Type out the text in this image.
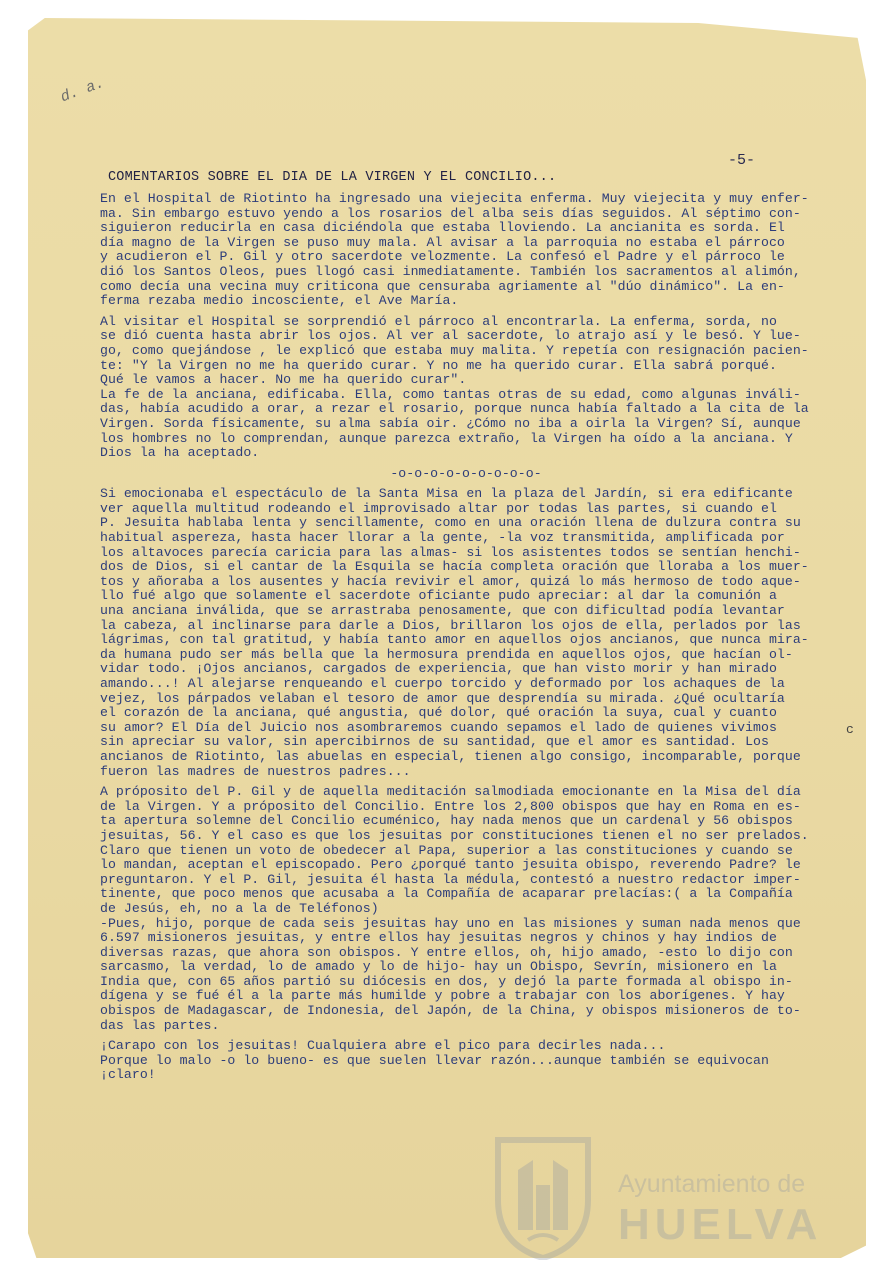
d. a.
-5-
COMENTARIOS SOBRE EL DIA DE LA VIRGEN Y EL CONCILIO...

En el Hospital de Riotinto ha ingresado una viejecita enferma. Muy viejecita y muy enfer-
ma. Sin embargo estuvo yendo a los rosarios del alba seis días seguidos. Al séptimo con-
siguieron reducirla en casa diciéndola que estaba lloviendo. La ancianita es sorda. El
día magno de la Virgen se puso muy mala. Al avisar a la parroquia no estaba el párroco
y acudieron el P. Gil y otro sacerdote velozmente. La confesó el Padre y el párroco le
dió los Santos Oleos, pues llogó casi inmediatamente. También los sacramentos al alimón,
como decía una vecina muy criticona que censuraba agriamente al "dúo dinámico". La en-
ferma rezaba medio incosciente, el Ave María.

Al visitar el Hospital se sorprendió el párroco al encontrarla. La enferma, sorda, no
se dió cuenta hasta abrir los ojos. Al ver al sacerdote, lo atrajo así y le besó. Y lue-
go, como quejándose , le explicó que estaba muy malita. Y repetía con resignación pacien-
te: "Y la Virgen no me ha querido curar. Y no me ha querido curar. Ella sabrá porqué.
Qué le vamos a hacer. No me ha querido curar".
La fe de la anciana, edificaba. Ella, como tantas otras de su edad, como algunas inváli-
das, había acudido a orar, a rezar el rosario, porque nunca había faltado a la cita de la
Virgen. Sorda físicamente, su alma sabía oir. ¿Cómo no iba a oirla la Virgen? Sí, aunque
los hombres no lo comprendan, aunque parezca extraño, la Virgen ha oído a la anciana. Y
Dios la ha aceptado.

-o-o-o-o-o-o-o-o-o-

Si emocionaba el espectáculo de la Santa Misa en la plaza del Jardín, si era edificante
ver aquella multitud rodeando el improvisado altar por todas las partes, si cuando el
P. Jesuita hablaba lenta y sencillamente, como en una oración llena de dulzura contra su
habitual aspereza, hasta hacer llorar a la gente, -la voz transmitida, amplificada por
los altavoces parecía caricia para las almas- si los asistentes todos se sentían henchi-
dos de Dios, si el cantar de la Esquila se hacía completa oración que lloraba a los muer-
tos y añoraba a los ausentes y hacía revivir el amor, quizá lo más hermoso de todo aque-
llo fué algo que solamente el sacerdote oficiante pudo apreciar: al dar la comunión a
una anciana inválida, que se arrastraba penosamente, que con dificultad podía levantar
la cabeza, al inclinarse para darle a Dios, brillaron los ojos de ella, perlados por las
lágrimas, con tal gratitud, y había tanto amor en aquellos ojos ancianos, que nunca mira-
da humana pudo ser más bella que la hermosura prendida en aquellos ojos, que hacían ol-
vidar todo. ¡Ojos ancianos, cargados de experiencia, que han visto morir y han mirado
amando...! Al alejarse renqueando el cuerpo torcido y deformado por los achaques de la
vejez, los párpados velaban el tesoro de amor que desprendía su mirada. ¿Qué ocultaría
el corazón de la anciana, qué angustia, qué dolor, qué oración la suya, cual y cuanto
su amor? El Día del Juicio nos asombraremos cuando sepamos el lado de quienes vivimos
sin apreciar su valor, sin apercibirnos de su santidad, que el amor es santidad. Los
ancianos de Riotinto, las abuelas en especial, tienen algo consigo, incomparable, porque
fueron las madres de nuestros padres...

A próposito del P. Gil y de aquella meditación salmodiada emocionante en la Misa del día
de la Virgen. Y a próposito del Concilio. Entre los 2,800 obispos que hay en Roma en es-
ta apertura solemne del Concilio ecuménico, hay nada menos que un cardenal y 56 obispos
jesuitas, 56. Y el caso es que los jesuitas por constituciones tienen el no ser prelados.
Claro que tienen un voto de obedecer al Papa, superior a las constituciones y cuando se
lo mandan, aceptan el episcopado. Pero ¿porqué tanto jesuita obispo, reverendo Padre? le
preguntaron. Y el P. Gil, jesuita él hasta la médula, contestó a nuestro redactor imper-
tinente, que poco menos que acusaba a la Compañía de acaparar prelacías:( a la Compañía
de Jesús, eh, no a la de Teléfonos)
-Pues, hijo, porque de cada seis jesuitas hay uno en las misiones y suman nada menos que
6.597 misioneros jesuitas, y entre ellos hay jesuitas negros y chinos y hay indios de
diversas razas, que ahora son obispos. Y entre ellos, oh, hijo amado, -esto lo dijo con
sarcasmo, la verdad, lo de amado y lo de hijo- hay un Obispo, Sevrín, misionero en la
India que, con 65 años partió su diócesis en dos, y dejó la parte formada al obispo in-
dígena y se fué él a la parte más humilde y pobre a trabajar con los aborígenes. Y hay
obispos de Madagascar, de Indonesia, del Japón, de la China, y obispos misioneros de to-
das las partes.

¡Carapo con los jesuitas! Cualquiera abre el pico para decirles nada...
Porque lo malo -o lo bueno- es que suelen llevar razón...aunque también se equivocan
¡claro!

c
Ayuntamiento de
HUELVA
